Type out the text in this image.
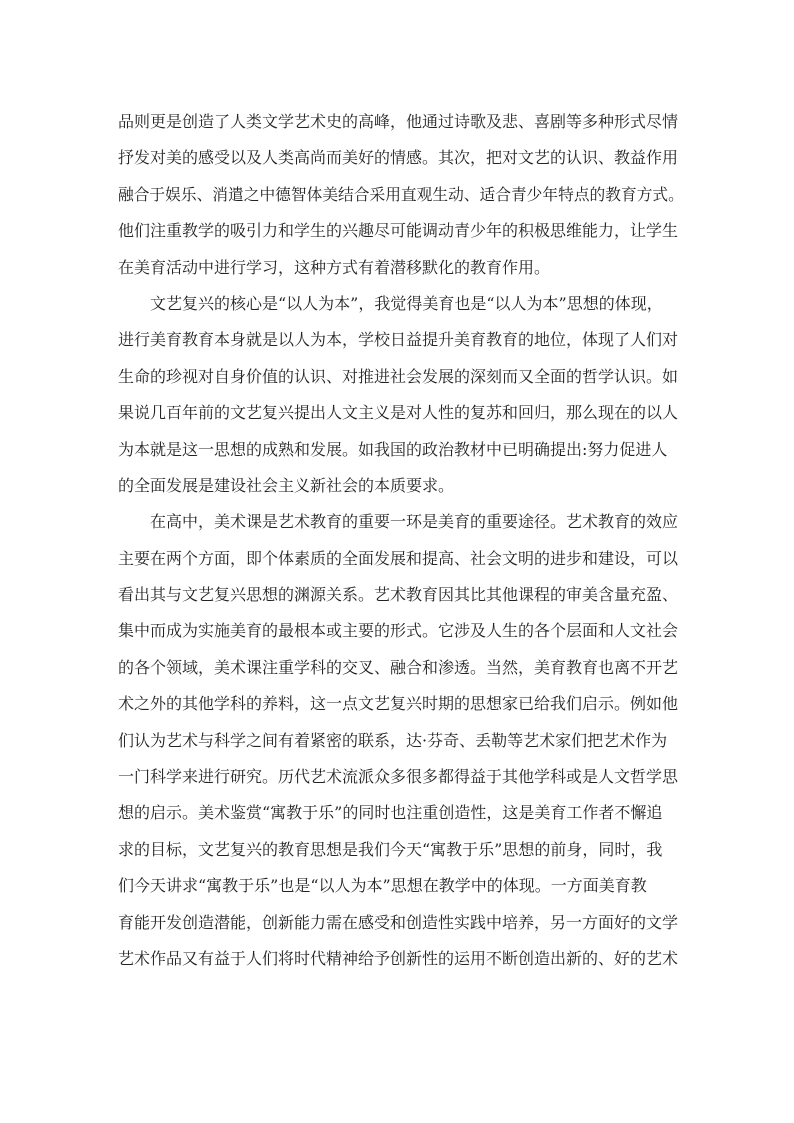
品则更是创造了人类文学艺术史的高峰，他通过诗歌及悲、喜剧等多种形式尽情
抒发对美的感受以及人类高尚而美好的情感。其次，把对文艺的认识、教益作用
融合于娱乐、消遣之中德智体美结合采用直观生动、适合青少年特点的教育方式。
他们注重教学的吸引力和学生的兴趣尽可能调动青少年的积极思维能力，让学生
在美育活动中进行学习，这种方式有着潜移默化的教育作用。
文艺复兴的核心是“以人为本”，我觉得美育也是“以人为本”思想的体现，
进行美育教育本身就是以人为本，学校日益提升美育教育的地位，体现了人们对
生命的珍视对自身价值的认识、对推进社会发展的深刻而又全面的哲学认识。如
果说几百年前的文艺复兴提出人文主义是对人性的复苏和回归，那么现在的以人
为本就是这一思想的成熟和发展。如我国的政治教材中已明确提出:努力促进人
的全面发展是建设社会主义新社会的本质要求。
在高中，美术课是艺术教育的重要一环是美育的重要途径。艺术教育的效应
主要在两个方面，即个体素质的全面发展和提高、社会文明的进步和建设，可以
看出其与文艺复兴思想的渊源关系。艺术教育因其比其他课程的审美含量充盈、
集中而成为实施美育的最根本或主要的形式。它涉及人生的各个层面和人文社会
的各个领域，美术课注重学科的交叉、融合和渗透。当然，美育教育也离不开艺
术之外的其他学科的养料，这一点文艺复兴时期的思想家已给我们启示。例如他
们认为艺术与科学之间有着紧密的联系，达·芬奇、丢勒等艺术家们把艺术作为
一门科学来进行研究。历代艺术流派众多很多都得益于其他学科或是人文哲学思
想的启示。美术鉴赏“寓教于乐”的同时也注重创造性，这是美育工作者不懈追
求的目标，文艺复兴的教育思想是我们今天“寓教于乐”思想的前身，同时，我
们今天讲求“寓教于乐”也是“以人为本”思想在教学中的体现。一方面美育教
育能开发创造潜能，创新能力需在感受和创造性实践中培养，另一方面好的文学
艺术作品又有益于人们将时代精神给予创新性的运用不断创造出新的、好的艺术
